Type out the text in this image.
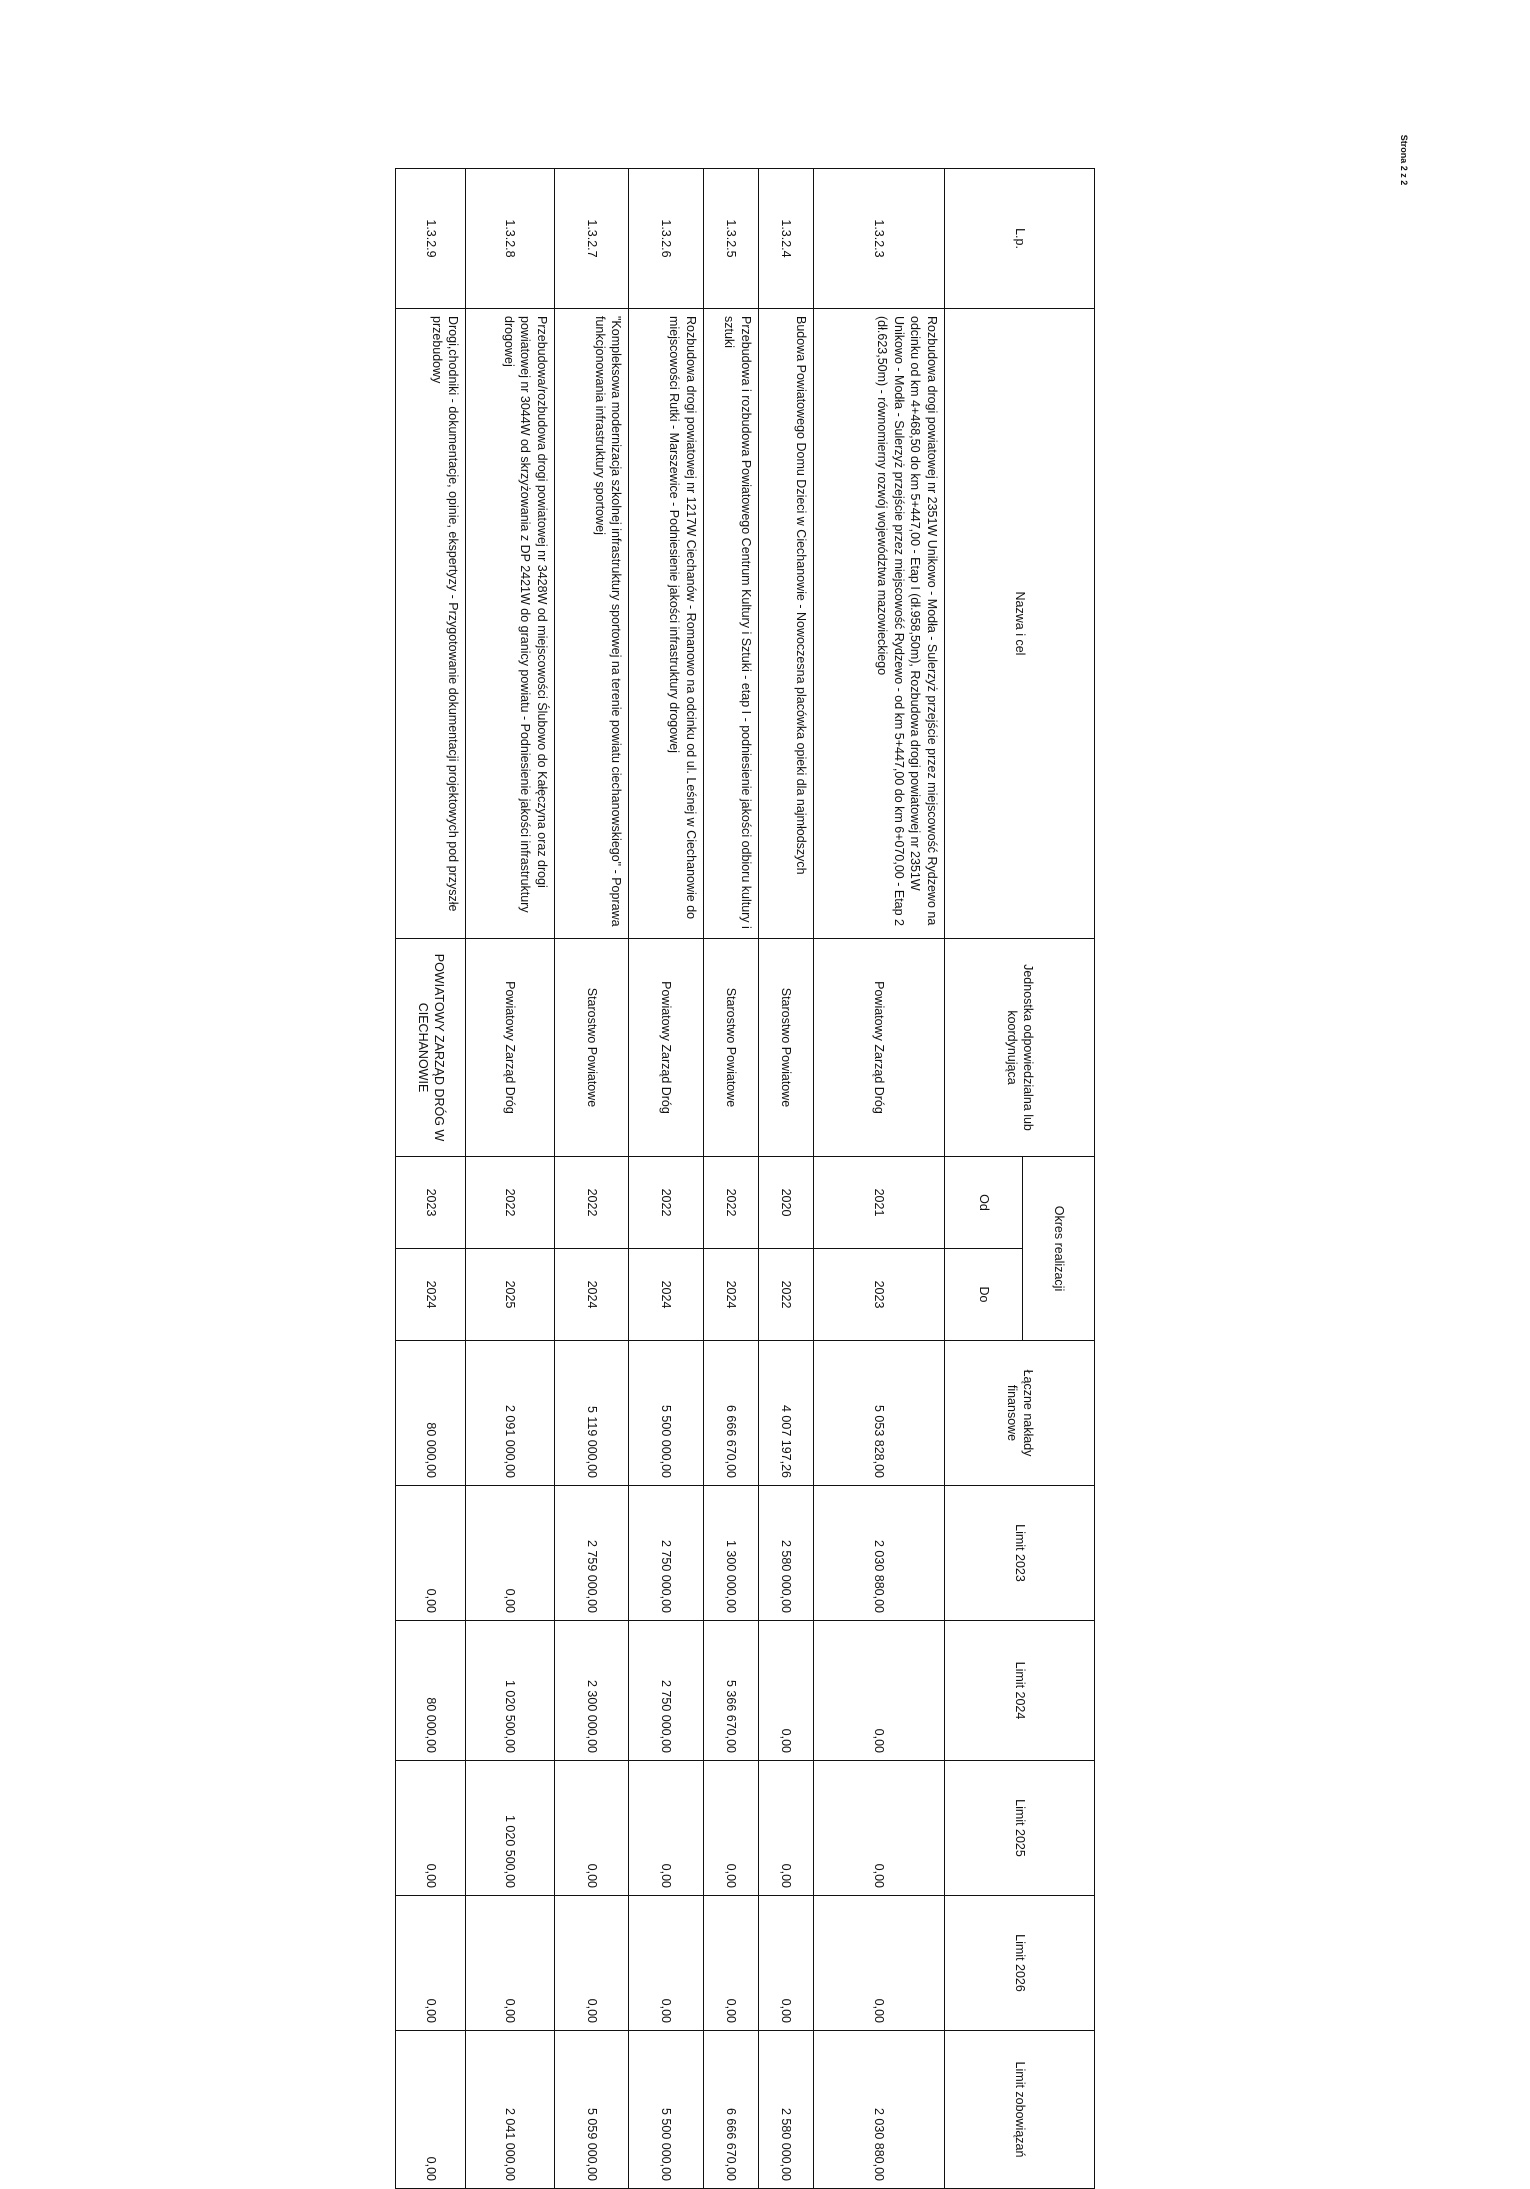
Strona 2 z 2
L.p.	Nazwa i cel	Jednostka odpowiedzialna lub koordynująca	Okres realizacji		Łączne nakłady finansowe	Limit 2023	Limit 2024	Limit 2025	Limit 2026	Limit zobowiązań
			Od	Do						
1.3.2.3	Rozbudowa drogi powiatowej nr 2351W Unikowo - Modła - Sulerzyż przejście przez miejscowość Rydzewo na odcinku od km 4+468,50 do km 5+447,00 - Etap I (dł.958,50m), Rozbudowa drogi powiatowej nr 2351W Unikowo - Modła - Sulerzyż przejście przez miejscowość Rydzewo - od km 5+447,00 do km 6+070,00 - Etap 2 (dł.623,50m) - równomierny rozwój województwa mazowieckiego	Powiatowy Zarząd Dróg	2021	2023	5 053 828,00	2 030 880,00	0,00	0,00	0,00	2 030 880,00
1.3.2.4	Budowa Powiatowego Domu Dzieci w Ciechanowie - Nowoczesna placówka opieki dla najmłodszych	Starostwo Powiatowe	2020	2022	4 007 197,26	2 580 000,00	0,00	0,00	0,00	2 580 000,00
1.3.2.5	Przebudowa i rozbudowa Powiatowego Centrum Kultury i Sztuki - etap I - podniesienie jakości odbioru kultury i sztuki	Starostwo Powiatowe	2022	2024	6 666 670,00	1 300 000,00	5 366 670,00	0,00	0,00	6 666 670,00
1.3.2.6	Rozbudowa drogi powiatowej nr 1217W Ciechanów - Romanowo na odcinku od ul. Leśnej w Ciechanowie do miejscowości Rutki - Marszewice - Podniesienie jakości infrastruktury drogowej	Powiatowy Zarząd Dróg	2022	2024	5 500 000,00	2 750 000,00	2 750 000,00	0,00	0,00	5 500 000,00
1.3.2.7	"Kompleksowa modernizacja szkolnej infrastruktury sportowej na terenie powiatu ciechanowskiego" - Poprawa funkcjonowania infrastruktury sportowej	Starostwo Powiatowe	2022	2024	5 119 000,00	2 759 000,00	2 300 000,00	0,00	0,00	5 059 000,00
1.3.2.8	Przebudowa/rozbudowa drogi powiatowej nr 3428W od miejscowości Ślubowo do Kałęczyna oraz drogi powiatowej nr 3044W od skrzyżowania z DP 2421W do granicy powiatu - Podniesienie jakości infrastruktury drogowej	Powiatowy Zarząd Dróg	2022	2025	2 091 000,00	0,00	1 020 500,00	1 020 500,00	0,00	2 041 000,00
1.3.2.9	Drogi,chodniki - dokumentacje, opinie, ekspertyzy - Przygotowanie dokumentacji projektowych pod przyszłe przebudowy	POWIATOWY ZARZĄD DRÓG W CIECHANOWIE	2023	2024	80 000,00	0,00	80 000,00	0,00	0,00	0,00
